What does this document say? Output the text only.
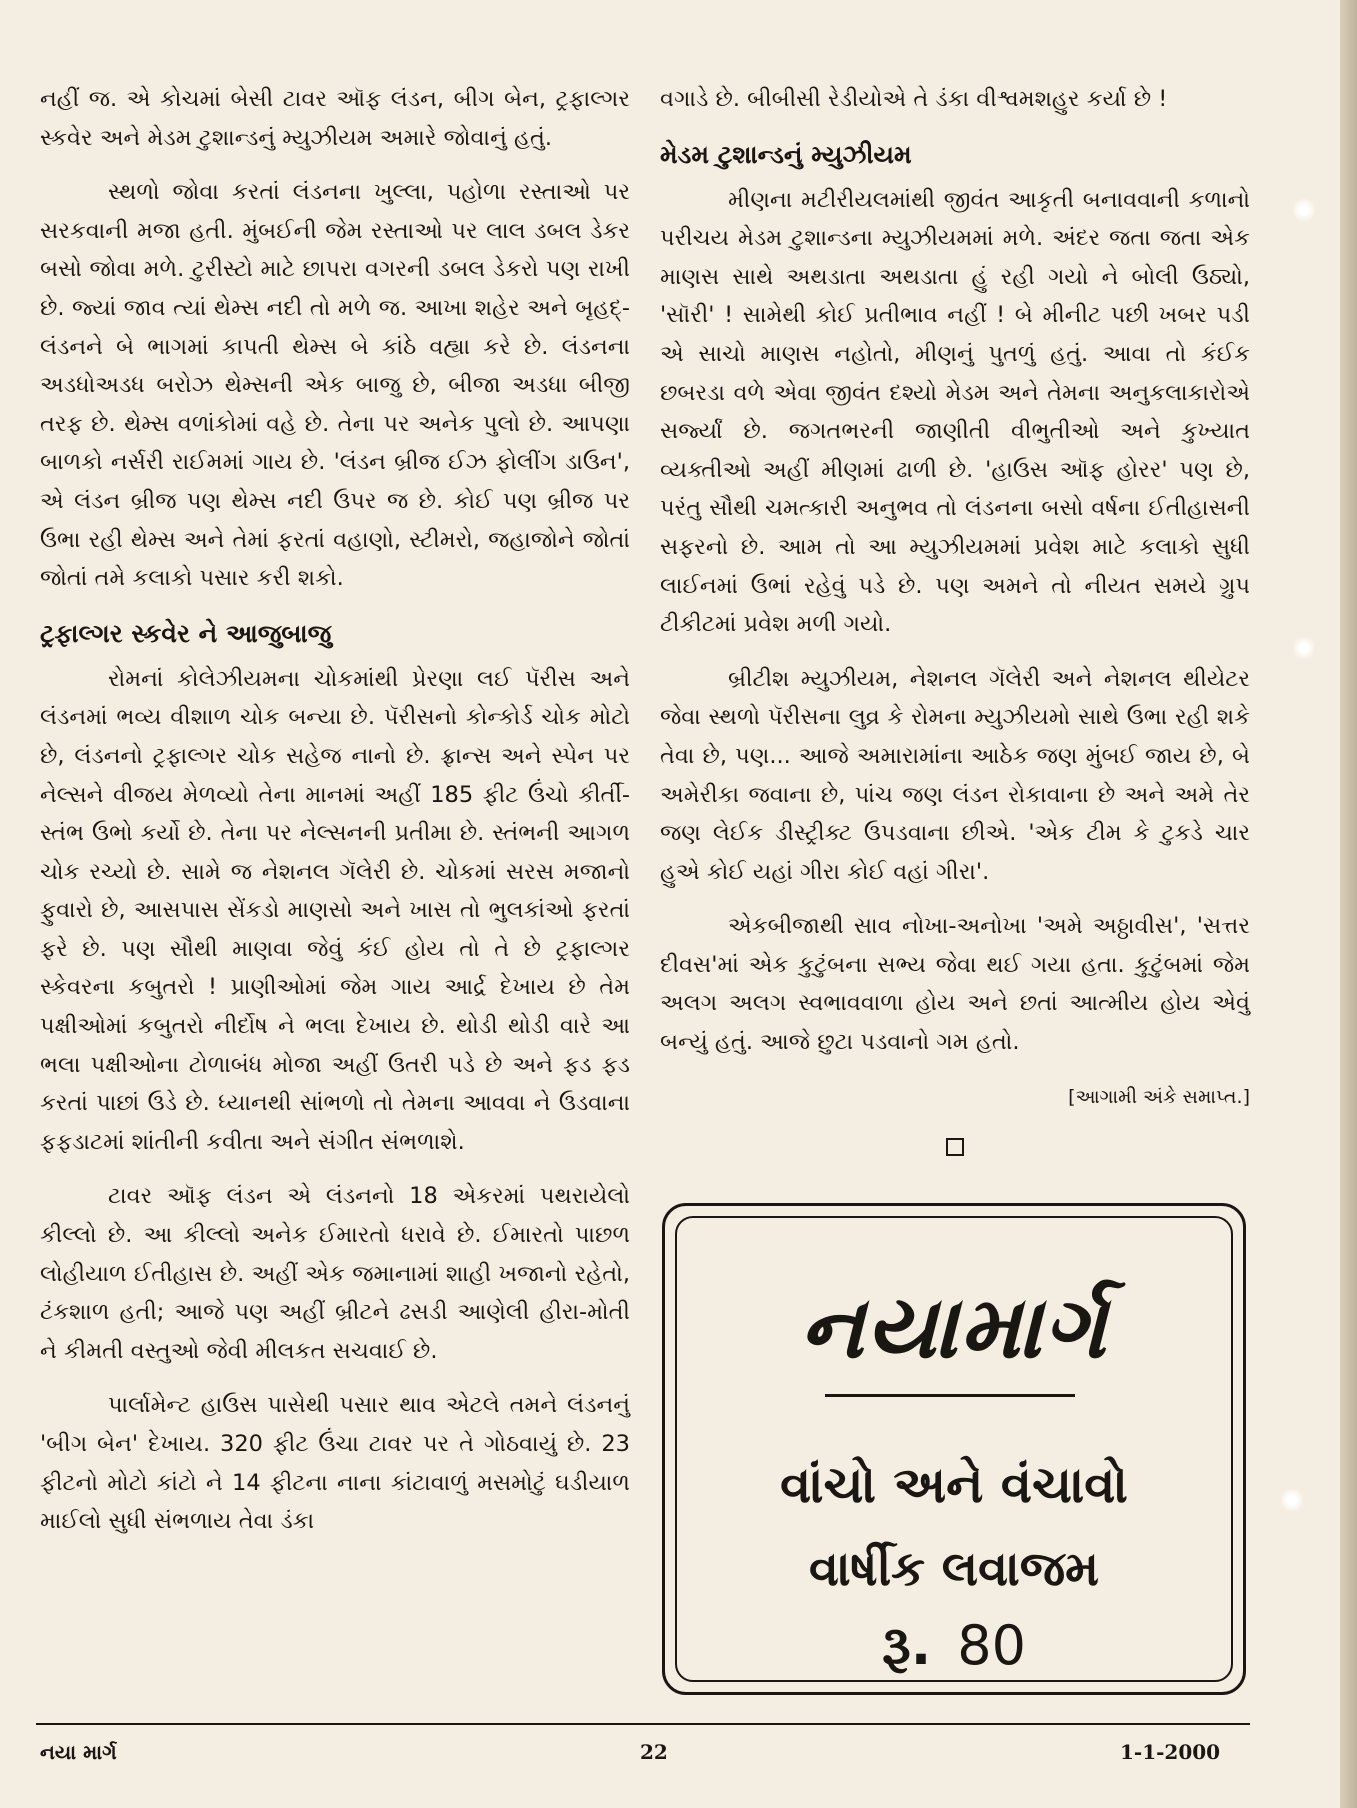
નહીં જ. એ કોચમાં બેસી ટાવર ઑફ લંડન, બીગ બેન, ટ્રફાલ્ગર સ્કવેર અને મેડમ ટુશાન્ડનું મ્યુઝીયમ અમારે જોવાનું હતું.

સ્થળો જોવા કરતાં લંડનના ખુલ્લા, પહોળા રસ્તાઓ પર સરકવાની મજા હતી. મુંબઈની જેમ રસ્તાઓ પર લાલ ડબલ ડેકર બસો જોવા મળે. ટુરીસ્ટો માટે છાપરા વગરની ડબલ ડેકરો પણ રાખી છે. જ્યાં જાવ ત્યાં થેમ્સ નદી તો મળે જ. આખા શહેર અને બૃહદ્-લંડનને બે ભાગમાં કાપતી થેમ્સ બે કાંઠે વહ્યા કરે છે. લંડનના અડધોઅડધ બરોઝ થેમ્સની એક બાજુ છે, બીજા અડધા બીજી તરફ છે. થેમ્સ વળાંકોમાં વહે છે. તેના પર અનેક પુલો છે. આપણા બાળકો નર્સરી રાઈમમાં ગાય છે. 'લંડન બ્રીજ ઈઝ ફોલીંગ ડાઉન', એ લંડન બ્રીજ પણ થેમ્સ નદી ઉપર જ છે. કોઈ પણ બ્રીજ પર ઉભા રહી થેમ્સ અને તેમાં ફરતાં વહાણો, સ્ટીમરો, જહાજોને જોતાં જોતાં તમે કલાકો પસાર કરી શકો.

ટ્રફાલ્ગર સ્કવેર ને આજુબાજુ

રોમનાં કોલેઝીયમના ચોકમાંથી પ્રેરણા લઈ પૅરીસ અને લંડનમાં ભવ્ય વીશાળ ચોક બન્યા છે. પૅરીસનો કોન્કોર્ડ ચોક મોટો છે, લંડનનો ટ્રફાલ્ગર ચોક સહેજ નાનો છે. ફ્રાન્સ અને સ્પેન પર નેલ્સને વીજય મેળવ્યો તેના માનમાં અહીં 185 ફીટ ઉંચો કીર્તી-સ્તંભ ઉભો કર્યો છે. તેના પર નેલ્સનની પ્રતીમા છે. સ્તંભની આગળ ચોક રચ્યો છે. સામે જ નેશનલ ગૅલેરી છે. ચોકમાં સરસ મજાનો ફુવારો છે, આસપાસ સેંકડો માણસો અને ખાસ તો ભુલકાંઓ ફરતાં ફરે છે. પણ સૌથી માણવા જેવું કંઈ હોય તો તે છે ટ્રફાલ્ગર સ્કેવરના કબુતરો ! પ્રાણીઓમાં જેમ ગાય આર્દ્ર દેખાય છે તેમ પક્ષીઓમાં કબુતરો નીર્દોષ ને ભલા દેખાય છે. થોડી થોડી વારે આ ભલા પક્ષીઓના ટોળાબંધ મોજા અહીં ઉતરી પડે છે અને ફડ ફડ કરતાં પાછાં ઉડે છે. ધ્યાનથી સાંભળો તો તેમના આવવા ને ઉડવાના ફફડાટમાં શાંતીની કવીતા અને સંગીત સંભળાશે.

ટાવર ઑફ લંડન એ લંડનનો 18 એકરમાં પથરાયેલો કીલ્લો છે. આ કીલ્લો અનેક ઈમારતો ધરાવે છે. ઈમારતો પાછળ લોહીયાળ ઈતીહાસ છે. અહીં એક જમાનામાં શાહી ખજાનો રહેતો, ટંકશાળ હતી; આજે પણ અહીં બ્રીટને ઢસડી આણેલી હીરા-મોતી ને કીમતી વસ્તુઓ જેવી મીલકત સચવાઈ છે.

પાર્લામેન્ટ હાઉસ પાસેથી પસાર થાવ એટલે તમને લંડનનું 'બીગ બેન' દેખાય. 320 ફીટ ઉંચા ટાવર પર તે ગોઠવાયું છે. 23 ફીટનો મોટો કાંટો ને 14 ફીટના નાના કાંટાવાળું મસમોટું ઘડીયાળ માઈલો સુધી સંભળાય તેવા ડંકા

વગાડે છે. બીબીસી રેડીયોએ તે ડંકા વીશ્વમશહુર કર્યા છે !

મેડમ ટુશાન્ડનું મ્યુઝીયમ

મીણના મટીરીયલમાંથી જીવંત આકૃતી બનાવવાની કળાનો પરીચય મેડમ ટુશાન્ડના મ્યુઝીયમમાં મળે. અંદર જતા જતા એક માણસ સાથે અથડાતા અથડાતા હું રહી ગયો ને બોલી ઉઠ્યો, 'સૉરી' ! સામેથી કોઈ પ્રતીભાવ નહીં ! બે મીનીટ પછી ખબર પડી એ સાચો માણસ નહોતો, મીણનું પુતળું હતું. આવા તો કંઈક છબરડા વળે એવા જીવંત દશ્યો મેડમ અને તેમના અનુકલાકારોએ સર્જ્યાં છે. જગતભરની જાણીતી વીભુતીઓ અને કુખ્યાત વ્યક્તીઓ અહીં મીણમાં ઢાળી છે. 'હાઉસ ઑફ હોરર' પણ છે, પરંતુ સૌથી ચમત્કારી અનુભવ તો લંડનના બસો વર્ષના ઈતીહાસની સફરનો છે. આમ તો આ મ્યુઝીયમમાં પ્રવેશ માટે કલાકો સુધી લાઈનમાં ઉભાં રહેવું પડે છે. પણ અમને તો નીયત સમયે ગ્રુપ ટીકીટમાં પ્રવેશ મળી ગયો.

બ્રીટીશ મ્યુઝીયમ, નેશનલ ગૅલેરી અને નેશનલ થીયેટર જેવા સ્થળો પૅરીસના લુવ્ર કે રોમના મ્યુઝીયમો સાથે ઉભા રહી શકે તેવા છે, પણ... આજે અમારામાંના આઠેક જણ મુંબઈ જાય છે, બે અમેરીકા જવાના છે, પાંચ જણ લંડન રોકાવાના છે અને અમે તેર જણ લેઈક ડીસ્ટ્રીક્ટ ઉપડવાના છીએ. 'એક ટીમ કે ટુકડે ચાર હુએ કોઈ યહાં ગીરા કોઈ વહાં ગીરા'.

એકબીજાથી સાવ નોખા-અનોખા 'અમે અઠ્ઠાવીસ', 'સત્તર દીવસ'માં એક કુટુંબના સભ્ય જેવા થઈ ગયા હતા. કુટુંબમાં જેમ અલગ અલગ સ્વભાવવાળા હોય અને છતાં આત્મીય હોય એવું બન્યું હતું. આજે છુટા પડવાનો ગમ હતો.

[આગામી અંકે સમાપ્ત.]
નયામાર્ગ
વાંચો અને વંચાવો
વાર્ષીક લવાજમ
રૂ. 80
નયા માર્ગ	22	1-1-2000
